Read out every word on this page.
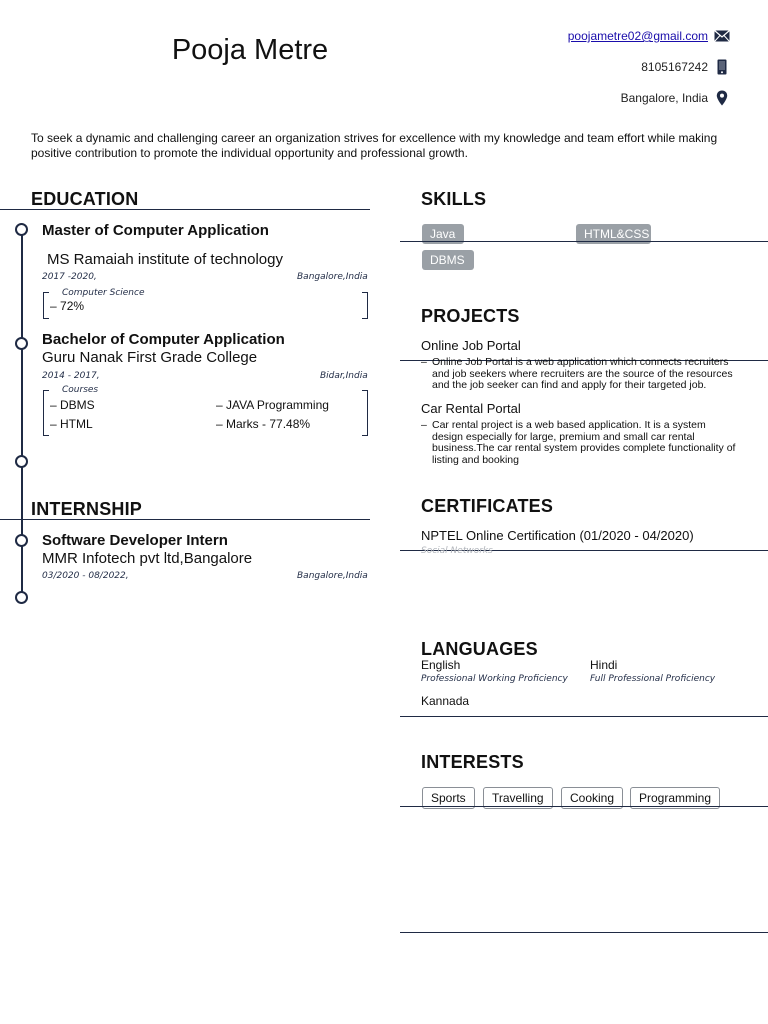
Pooja Metre	poojametre02@gmail.com
8105167242
Bangalore, India
To seek a dynamic and challenging career an organization strives for excellence with my knowledge and team effort while making positive contribution to promote the individual opportunity and professional growth.
EDUCATION
Master of Computer Application
MS Ramaiah institute of technology
2017 -2020,	Bangalore,India
Computer Science
– 72%
Bachelor of Computer Application
Guru Nanak First Grade College
2014 - 2017,	Bidar,India
Courses
– DBMS	– JAVA Programming
– HTML	– Marks - 77.48%
INTERNSHIP
Software Developer Intern
MMR Infotech pvt ltd,Bangalore
03/2020 - 08/2022,	Bangalore,India
SKILLS
Java	HTML&CSS
DBMS
PROJECTS
Online Job Portal
– Online Job Portal is a web application which connects recruiters and job seekers where recruiters are the source of the resources and the job seeker can find and apply for their targeted job.
Car Rental Portal
– Car rental project is a web based application. It is a system design especially for large, premium and small car rental business.The car rental system provides complete functionality of listing and booking
CERTIFICATES
NPTEL Online Certification (01/2020 - 04/2020)
Social Networks
LANGUAGES
English
Professional Working Proficiency
Hindi
Full Professional Proficiency
Kannada
INTERESTS
Sports	Travelling	Cooking	Programming
